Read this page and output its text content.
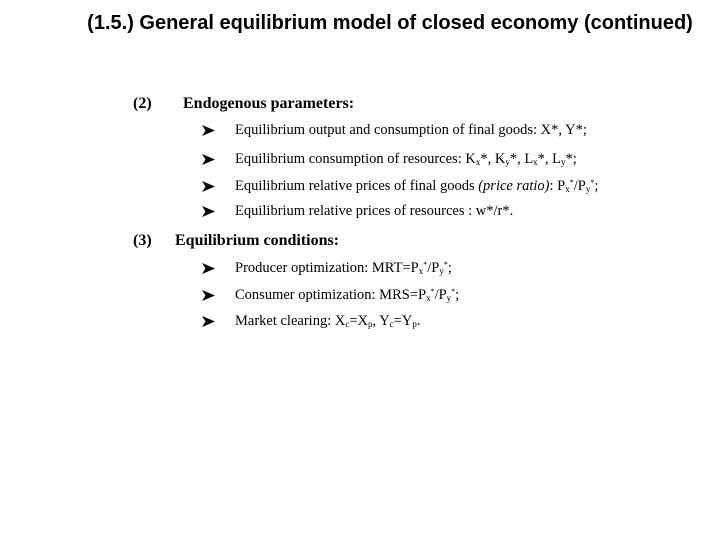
(1.5.) General equilibrium model of closed economy (continued)
(2) Endogenous parameters:
Equilibrium output and consumption of final goods: X*, Y*;
Equilibrium consumption of resources: $K_x*$, $K_y*$, $L_x*$, $L_y*$;
Equilibrium relative prices of final goods (price ratio): $P_x^*/P_y^*$;
Equilibrium relative prices of resources : w*/r*.
(3) Equilibrium conditions:
Producer optimization: $MRT=P_x^*/P_y^*$;
Consumer optimization: $MRS=P_x^*/P_y^*$;
Market clearing: $X_c=X_p$, $Y_c=Y_p$.
